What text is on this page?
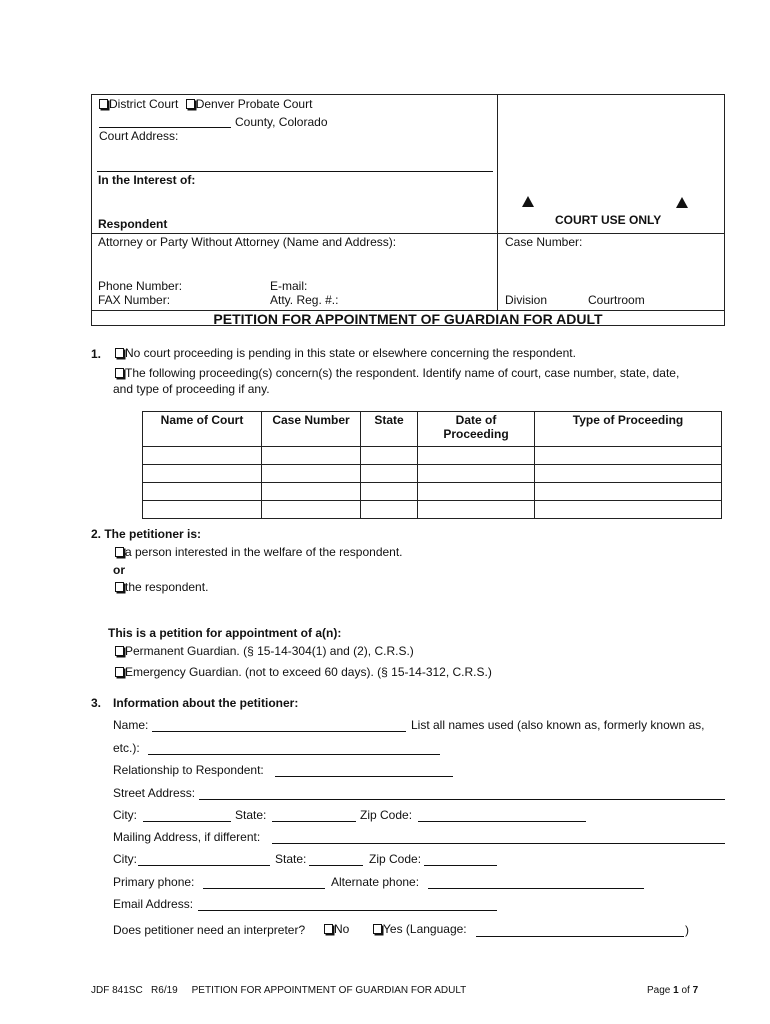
District Court Denver Probate Court
County, Colorado
Court Address:
In the Interest of:
Respondent	COURT USE ONLY
Attorney or Party Without Attorney (Name and Address):	Case Number:
Phone Number:
FAX Number:
E-mail:
Atty. Reg. #.:	Division	Courtroom
PETITION FOR APPOINTMENT OF GUARDIAN FOR ADULT
1.	No court proceeding is pending in this state or elsewhere concerning the respondent.
The following proceeding(s) concern(s) the respondent. Identify name of court, case number, state, date,
and type of proceeding if any.
Name of Court	Case Number	State	Date of Proceeding	Type of Proceeding

2. The petitioner is:
a person interested in the welfare of the respondent.
or
the respondent.
This is a petition for appointment of a(n):
Permanent Guardian. (§ 15-14-304(1) and (2), C.R.S.)
Emergency Guardian. (not to exceed 60 days). (§ 15-14-312, C.R.S.)
3. Information about the petitioner:
Name:	List all names used (also known as, formerly known as,
etc.):
Relationship to Respondent:
Street Address:
City:	State:	Zip Code:
Mailing Address, if different:
City:	State:	Zip Code:
Primary phone:	Alternate phone:
Email Address:
Does petitioner need an interpreter?	No	Yes (Language:	)
JDF 841SC R6/19 PETITION FOR APPOINTMENT OF GUARDIAN FOR ADULT	Page 1 of 7
